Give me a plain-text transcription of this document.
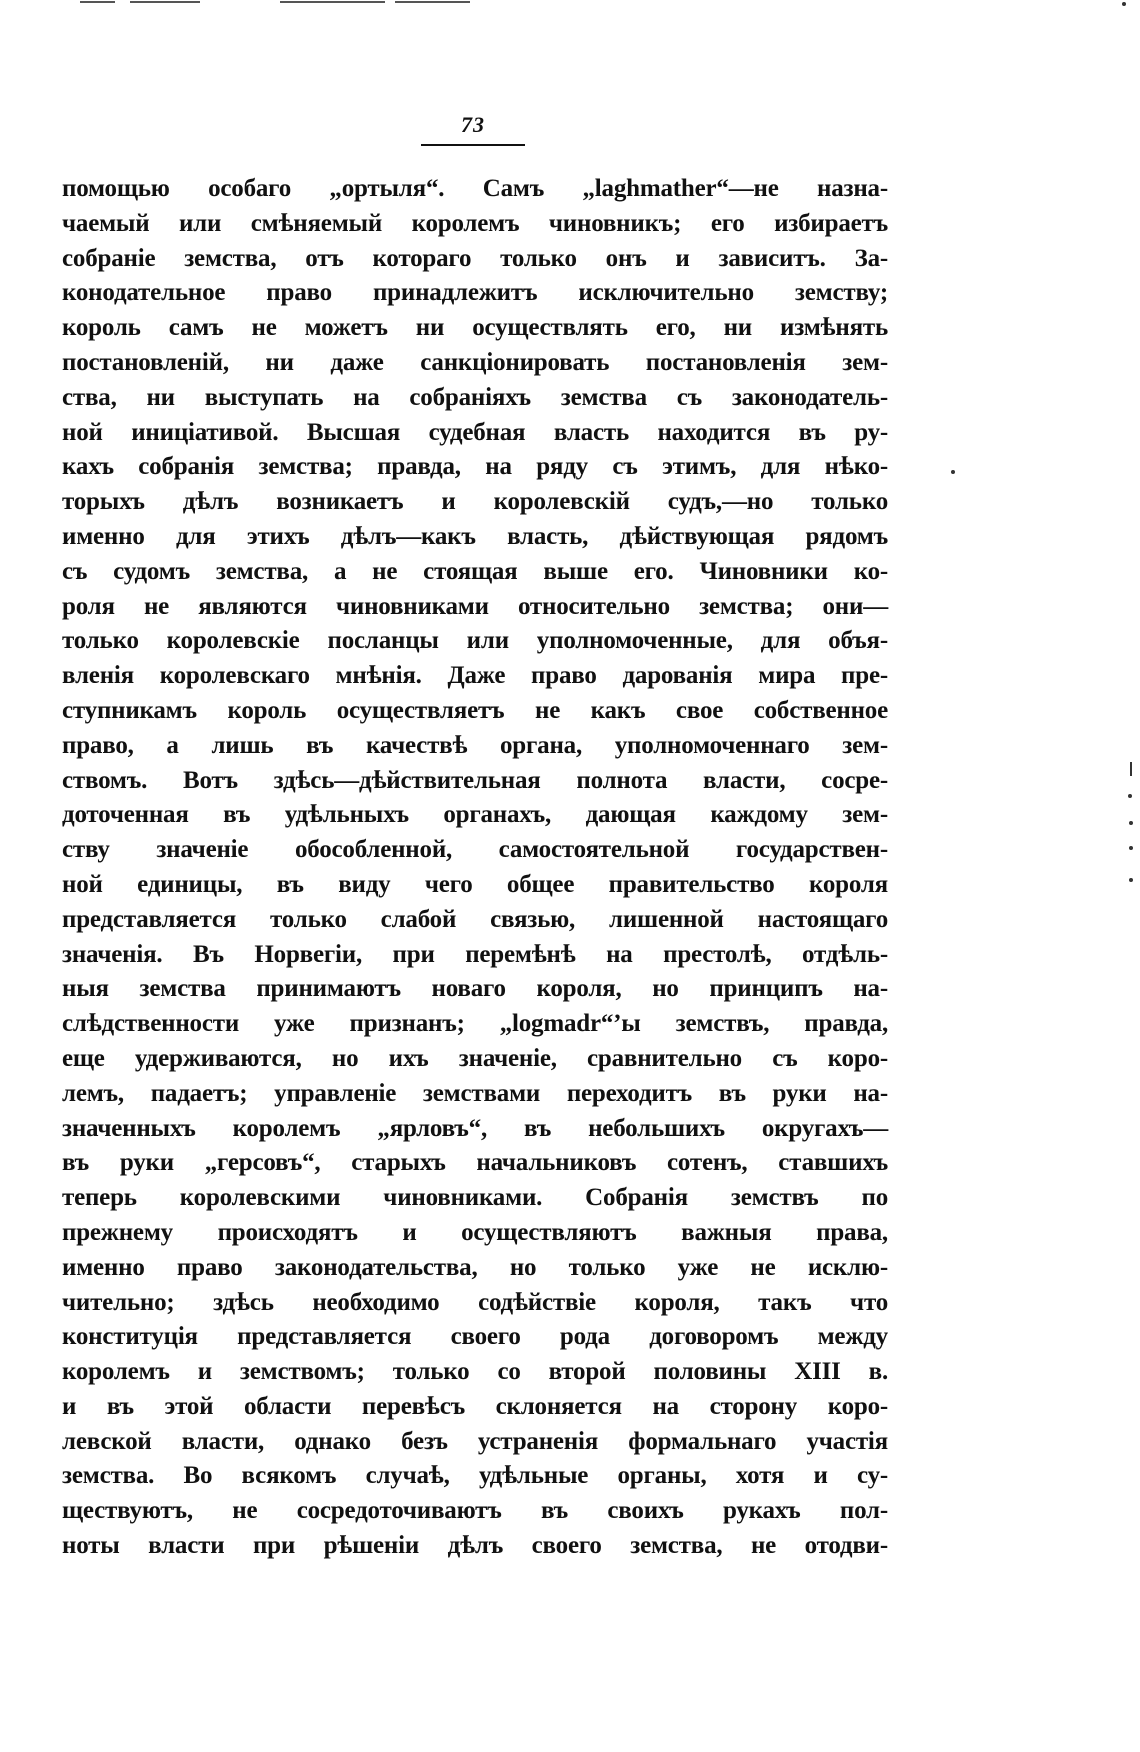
73
помощью особаго „ортыля“. Самъ „laghmather“—не назна-
чаемый или смѣняемый королемъ чиновникъ; его избираетъ
собраніе земства, отъ котораго только онъ и зависитъ. За-
конодательное право принадлежитъ исключительно земству;
король самъ не можетъ ни осуществлять его, ни измѣнять
постановленій, ни даже санкціонировать постановленія зем-
ства, ни выступать на собраніяхъ земства съ законодатель-
ной иниціативой. Высшая судебная власть находится въ ру-
кахъ собранія земства; правда, на ряду съ этимъ, для нѣко-
торыхъ дѣлъ возникаетъ и королевскій судъ,—но только
именно для этихъ дѣлъ—какъ власть, дѣйствующая рядомъ
съ судомъ земства, а не стоящая выше его. Чиновники ко-
роля не являются чиновниками относительно земства; они—
только королевскіе посланцы или уполномоченные, для объя-
вленія королевскаго мнѣнія. Даже право дарованія мира пре-
ступникамъ король осуществляетъ не какъ свое собственное
право, а лишь въ качествѣ органа, уполномоченнаго зем-
ствомъ. Вотъ здѣсь—дѣйствительная полнота власти, сосре-
доточенная въ удѣльныхъ органахъ, дающая каждому зем-
ству значеніе обособленной, самостоятельной государствен-
ной единицы, въ виду чего общее правительство короля
представляется только слабой связью, лишенной настоящаго
значенія. Въ Норвегіи, при перемѣнѣ на престолѣ, отдѣль-
ныя земства принимаютъ новаго короля, но принципъ на-
слѣдственности уже признанъ; „logmadr“’ы земствъ, правда,
еще удерживаются, но ихъ значеніе, сравнительно съ коро-
лемъ, падаетъ; управленіе земствами переходитъ въ руки на-
значенныхъ королемъ „ярловъ“, въ небольшихъ округахъ—
въ руки „герсовъ“, старыхъ начальниковъ сотенъ, ставшихъ
теперь королевскими чиновниками. Собранія земствъ по
прежнему происходятъ и осуществляютъ важныя права,
именно право законодательства, но только уже не исклю-
чительно; здѣсь необходимо содѣйствіе короля, такъ что
конституція представляется своего рода договоромъ между
королемъ и земствомъ; только со второй половины XIII в.
и въ этой области перевѣсъ склоняется на сторону коро-
левской власти, однако безъ устраненія формальнаго участія
земства. Во всякомъ случаѣ, удѣльные органы, хотя и су-
ществуютъ, не сосредоточиваютъ въ своихъ рукахъ пол-
ноты власти при рѣшеніи дѣлъ своего земства, не отодви-
